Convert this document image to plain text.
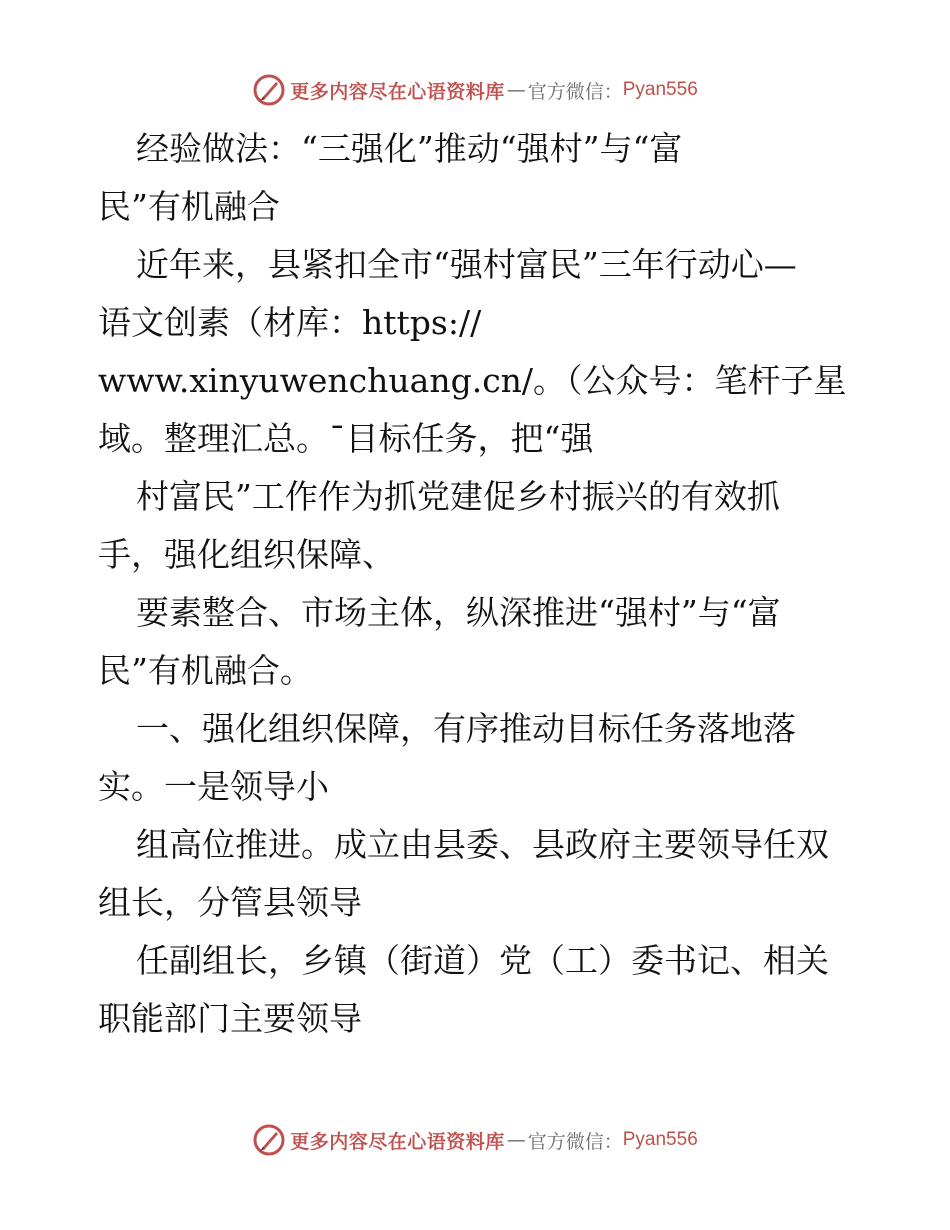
更多内容尽在心语资料库 — 官方微信： Pyan556
经验做法：“三强化”推动“强村”与“富
民”有机融合
近年来，县紧扣全市“强村富民”三年行动心—
语文创素（材库：https://
www.xinyuwenchuang.cn/。（公众号：笔杆子星
域。整理汇总。¯目标任务，把“强
村富民”工作作为抓党建促乡村振兴的有效抓
手，强化组织保障、
要素整合、市场主体，纵深推进“强村”与“富
民”有机融合。
一、强化组织保障，有序推动目标任务落地落
实。一是领导小
组高位推进。成立由县委、县政府主要领导任双
组长，分管县领导
任副组长，乡镇（街道）党（工）委书记、相关
职能部门主要领导
更多内容尽在心语资料库 — 官方微信： Pyan556
